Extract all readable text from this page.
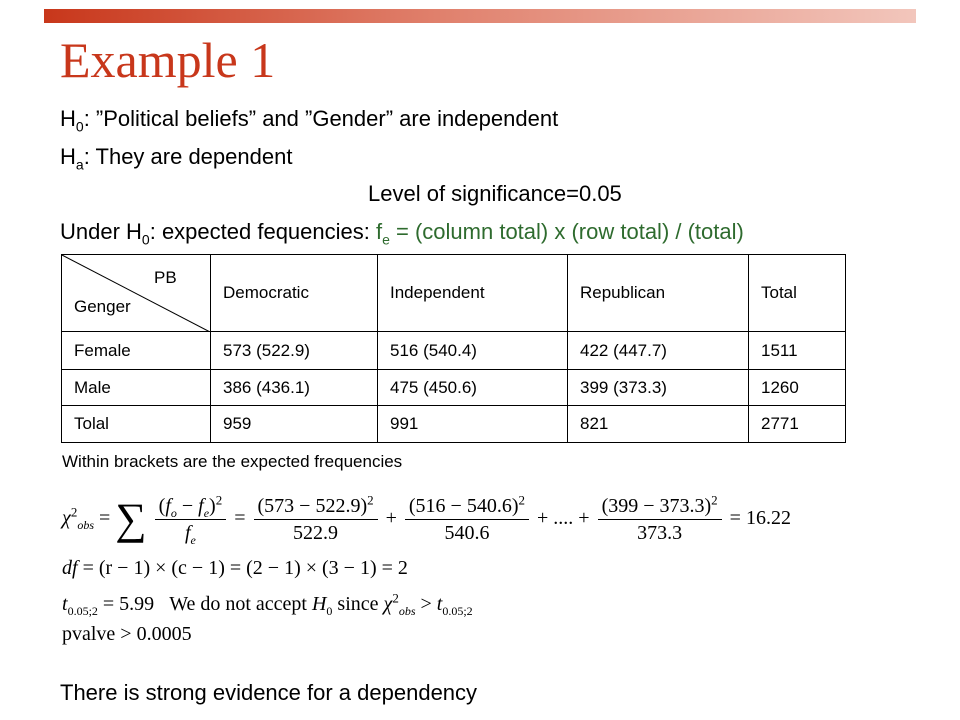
Example 1
$H_0$: ”Political beliefs” and ”Gender” are independent
$H_a$: They are dependent
Level of significance=0.05
Under $H_0$: expected fequencies: $f_e$ = (column total) x (row total) / (total)
PB
Genger	Democratic	Independent	Republican	Total
Female	573 (522.9)	516 (540.4)	422 (447.7)	1511
Male	386 (436.1)	475 (450.6)	399 (373.3)	1260
Tolal	959	991	821	2771
Within brackets are the expected frequencies
$\chi^2_{obs}$ = ∑ $\frac{(f_o - f_e)^2}{f_e} = \frac{(573 - 522.9)^2}{522.9} + \frac{(516 - 540.6)^2}{540.6}$ + .... + $\frac{(399 - 373.3)^2}{373.3} = 16.22$
df = (r − 1) × (c − 1) = (2 − 1) × (3 − 1) = 2
$t_{0.05;2} = 5.99$ We do not accept $H_0$ since $\chi^2_{obs} > t_{0.05;2}$
pvalve > 0.0005
There is strong evidence for a dependency
